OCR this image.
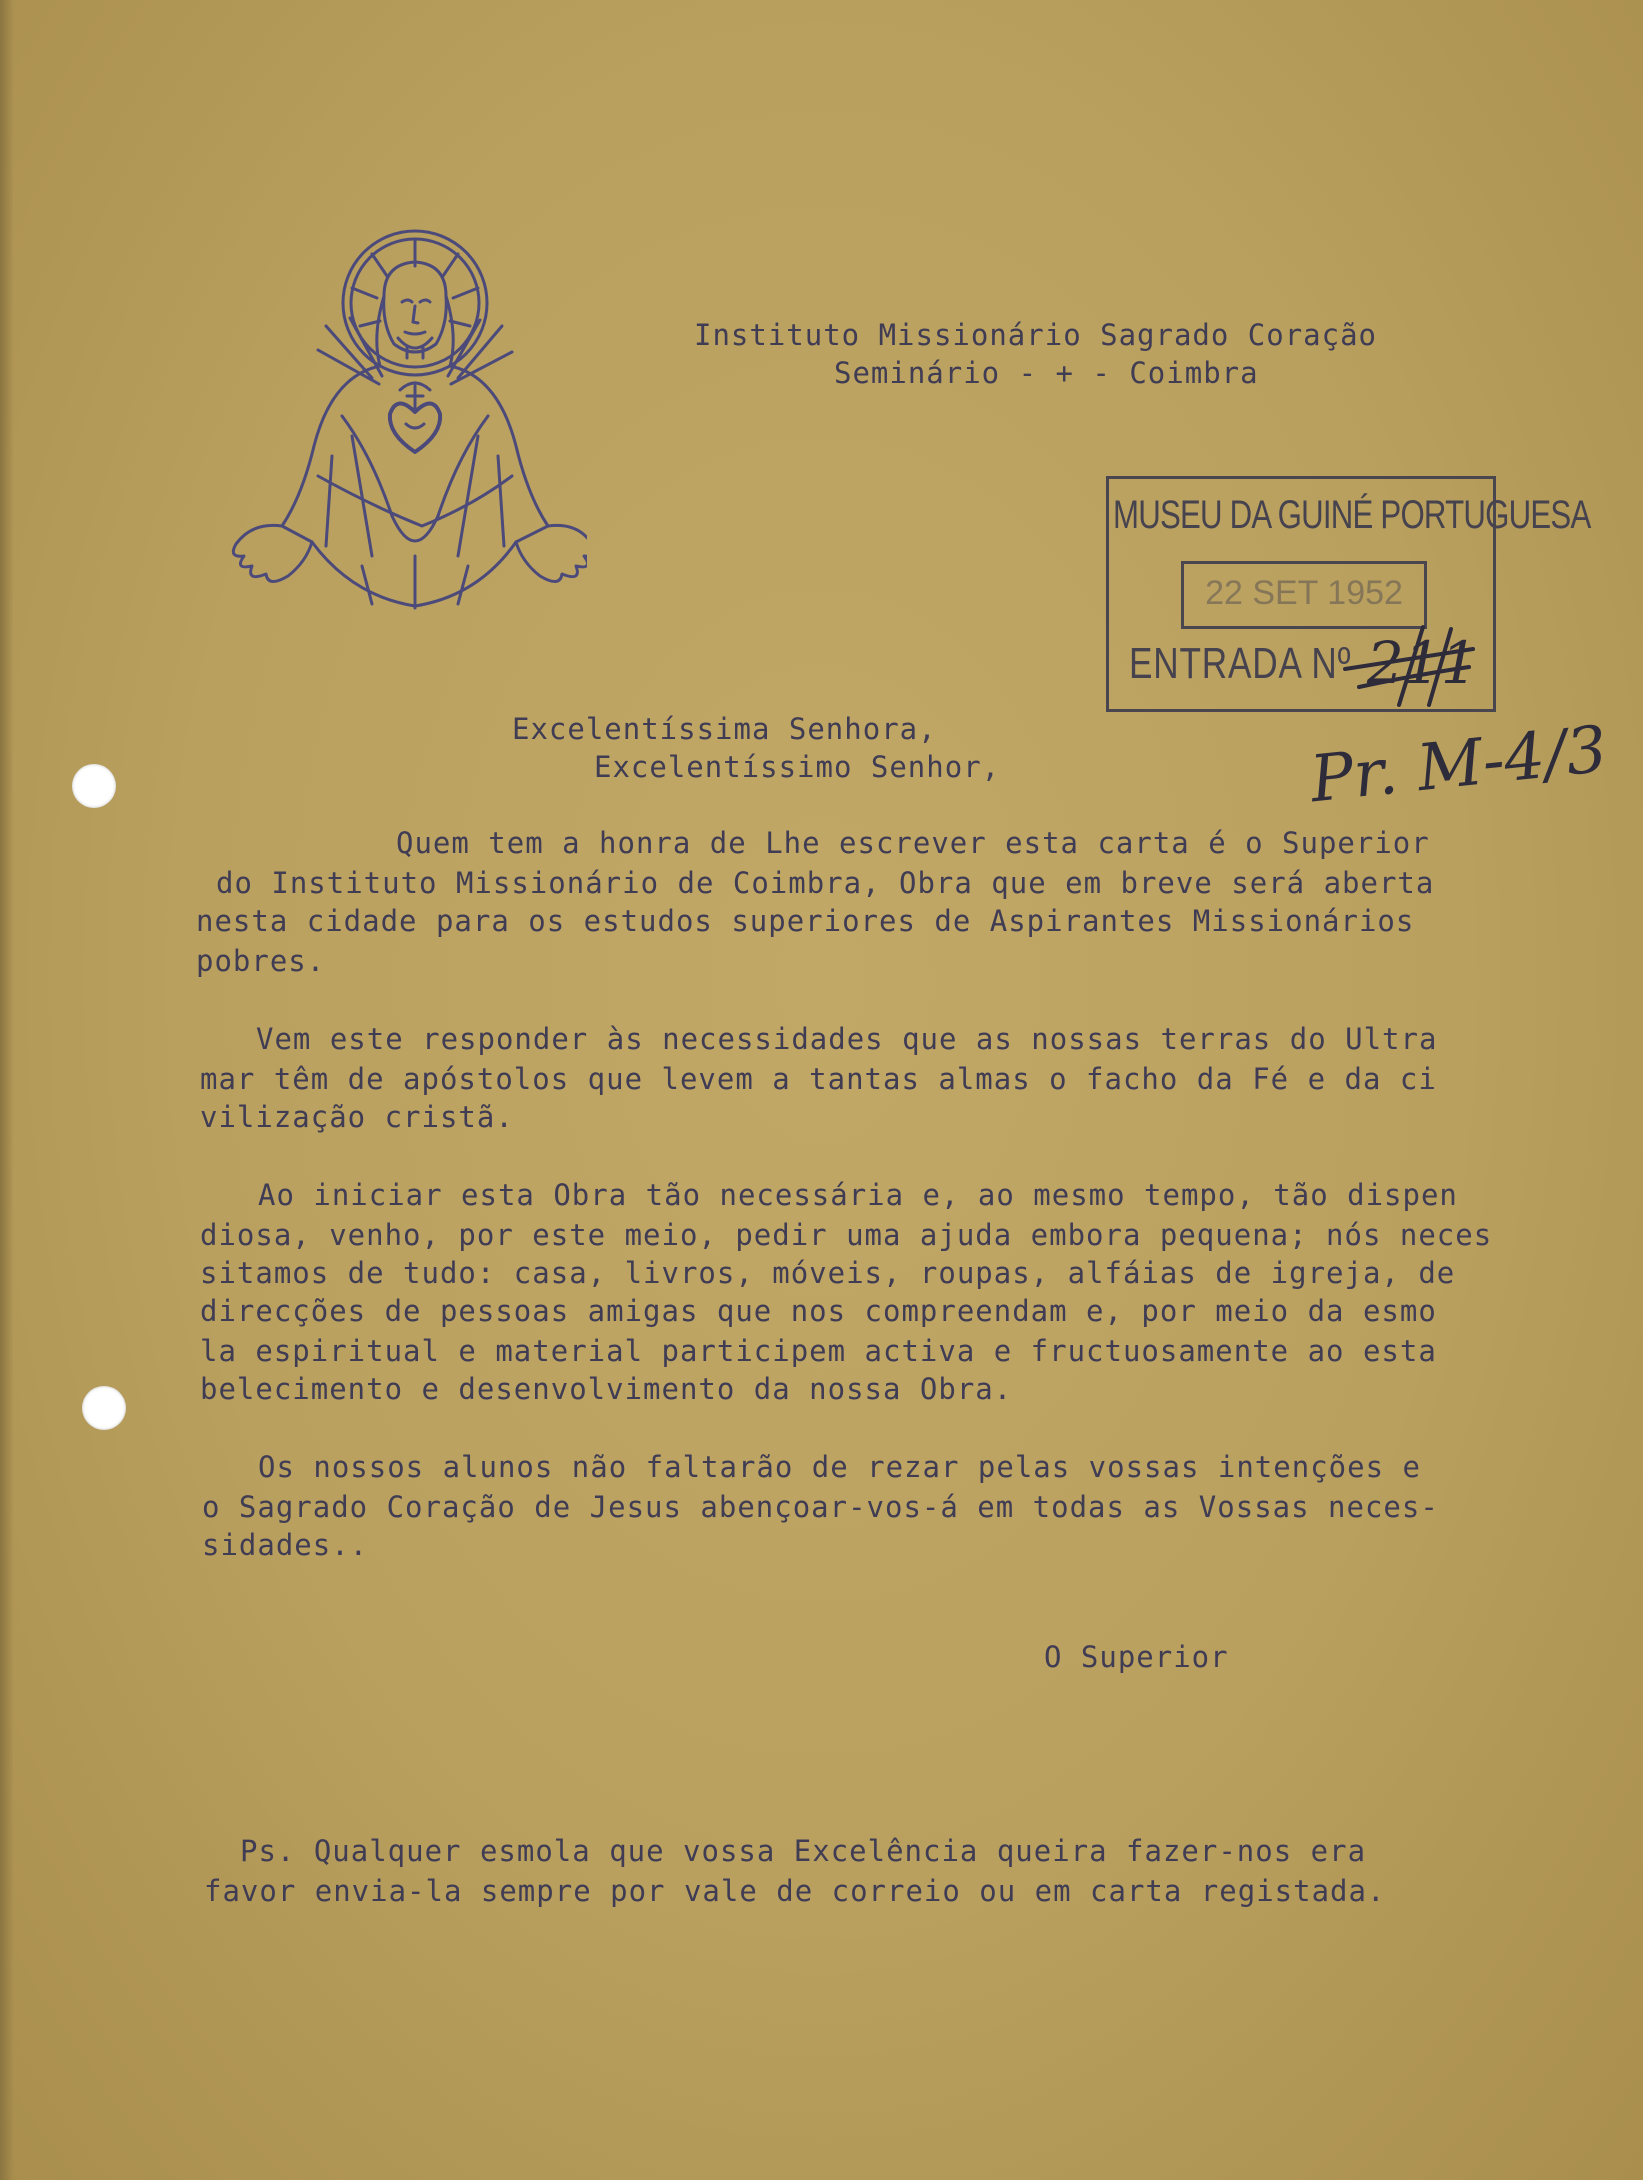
Instituto Missionário Sagrado Coração
Seminário - + - Coimbra
MUSEU DA GUINÉ PORTUGUESA
22 SET 1952
ENTRADA Nº 211
Pr. M-4/3
Excelentíssima Senhora,
Excelentíssimo Senhor,
Quem tem a honra de Lhe escrever esta carta é o Superior
do Instituto Missionário de Coimbra, Obra que em breve será aberta
nesta cidade para os estudos superiores de Aspirantes Missionários
pobres.
Vem este responder às necessidades que as nossas terras do Ultra
mar têm de apóstolos que levem a tantas almas o facho da Fé e da ci
vilização cristã.
Ao iniciar esta Obra tão necessária e, ao mesmo tempo, tão dispen
diosa, venho, por este meio, pedir uma ajuda embora pequena; nós neces
sitamos de tudo: casa, livros, móveis, roupas, alfáias de igreja, de
direcções de pessoas amigas que nos compreendam e, por meio da esmo
la espiritual e material participem activa e fructuosamente ao esta
belecimento e desenvolvimento da nossa Obra.
Os nossos alunos não faltarão de rezar pelas vossas intenções e
o Sagrado Coração de Jesus abençoar-vos-á em todas as Vossas neces-
sidades..
O Superior
Ps. Qualquer esmola que vossa Excelência queira fazer-nos era
favor envia-la sempre por vale de correio ou em carta registada.
